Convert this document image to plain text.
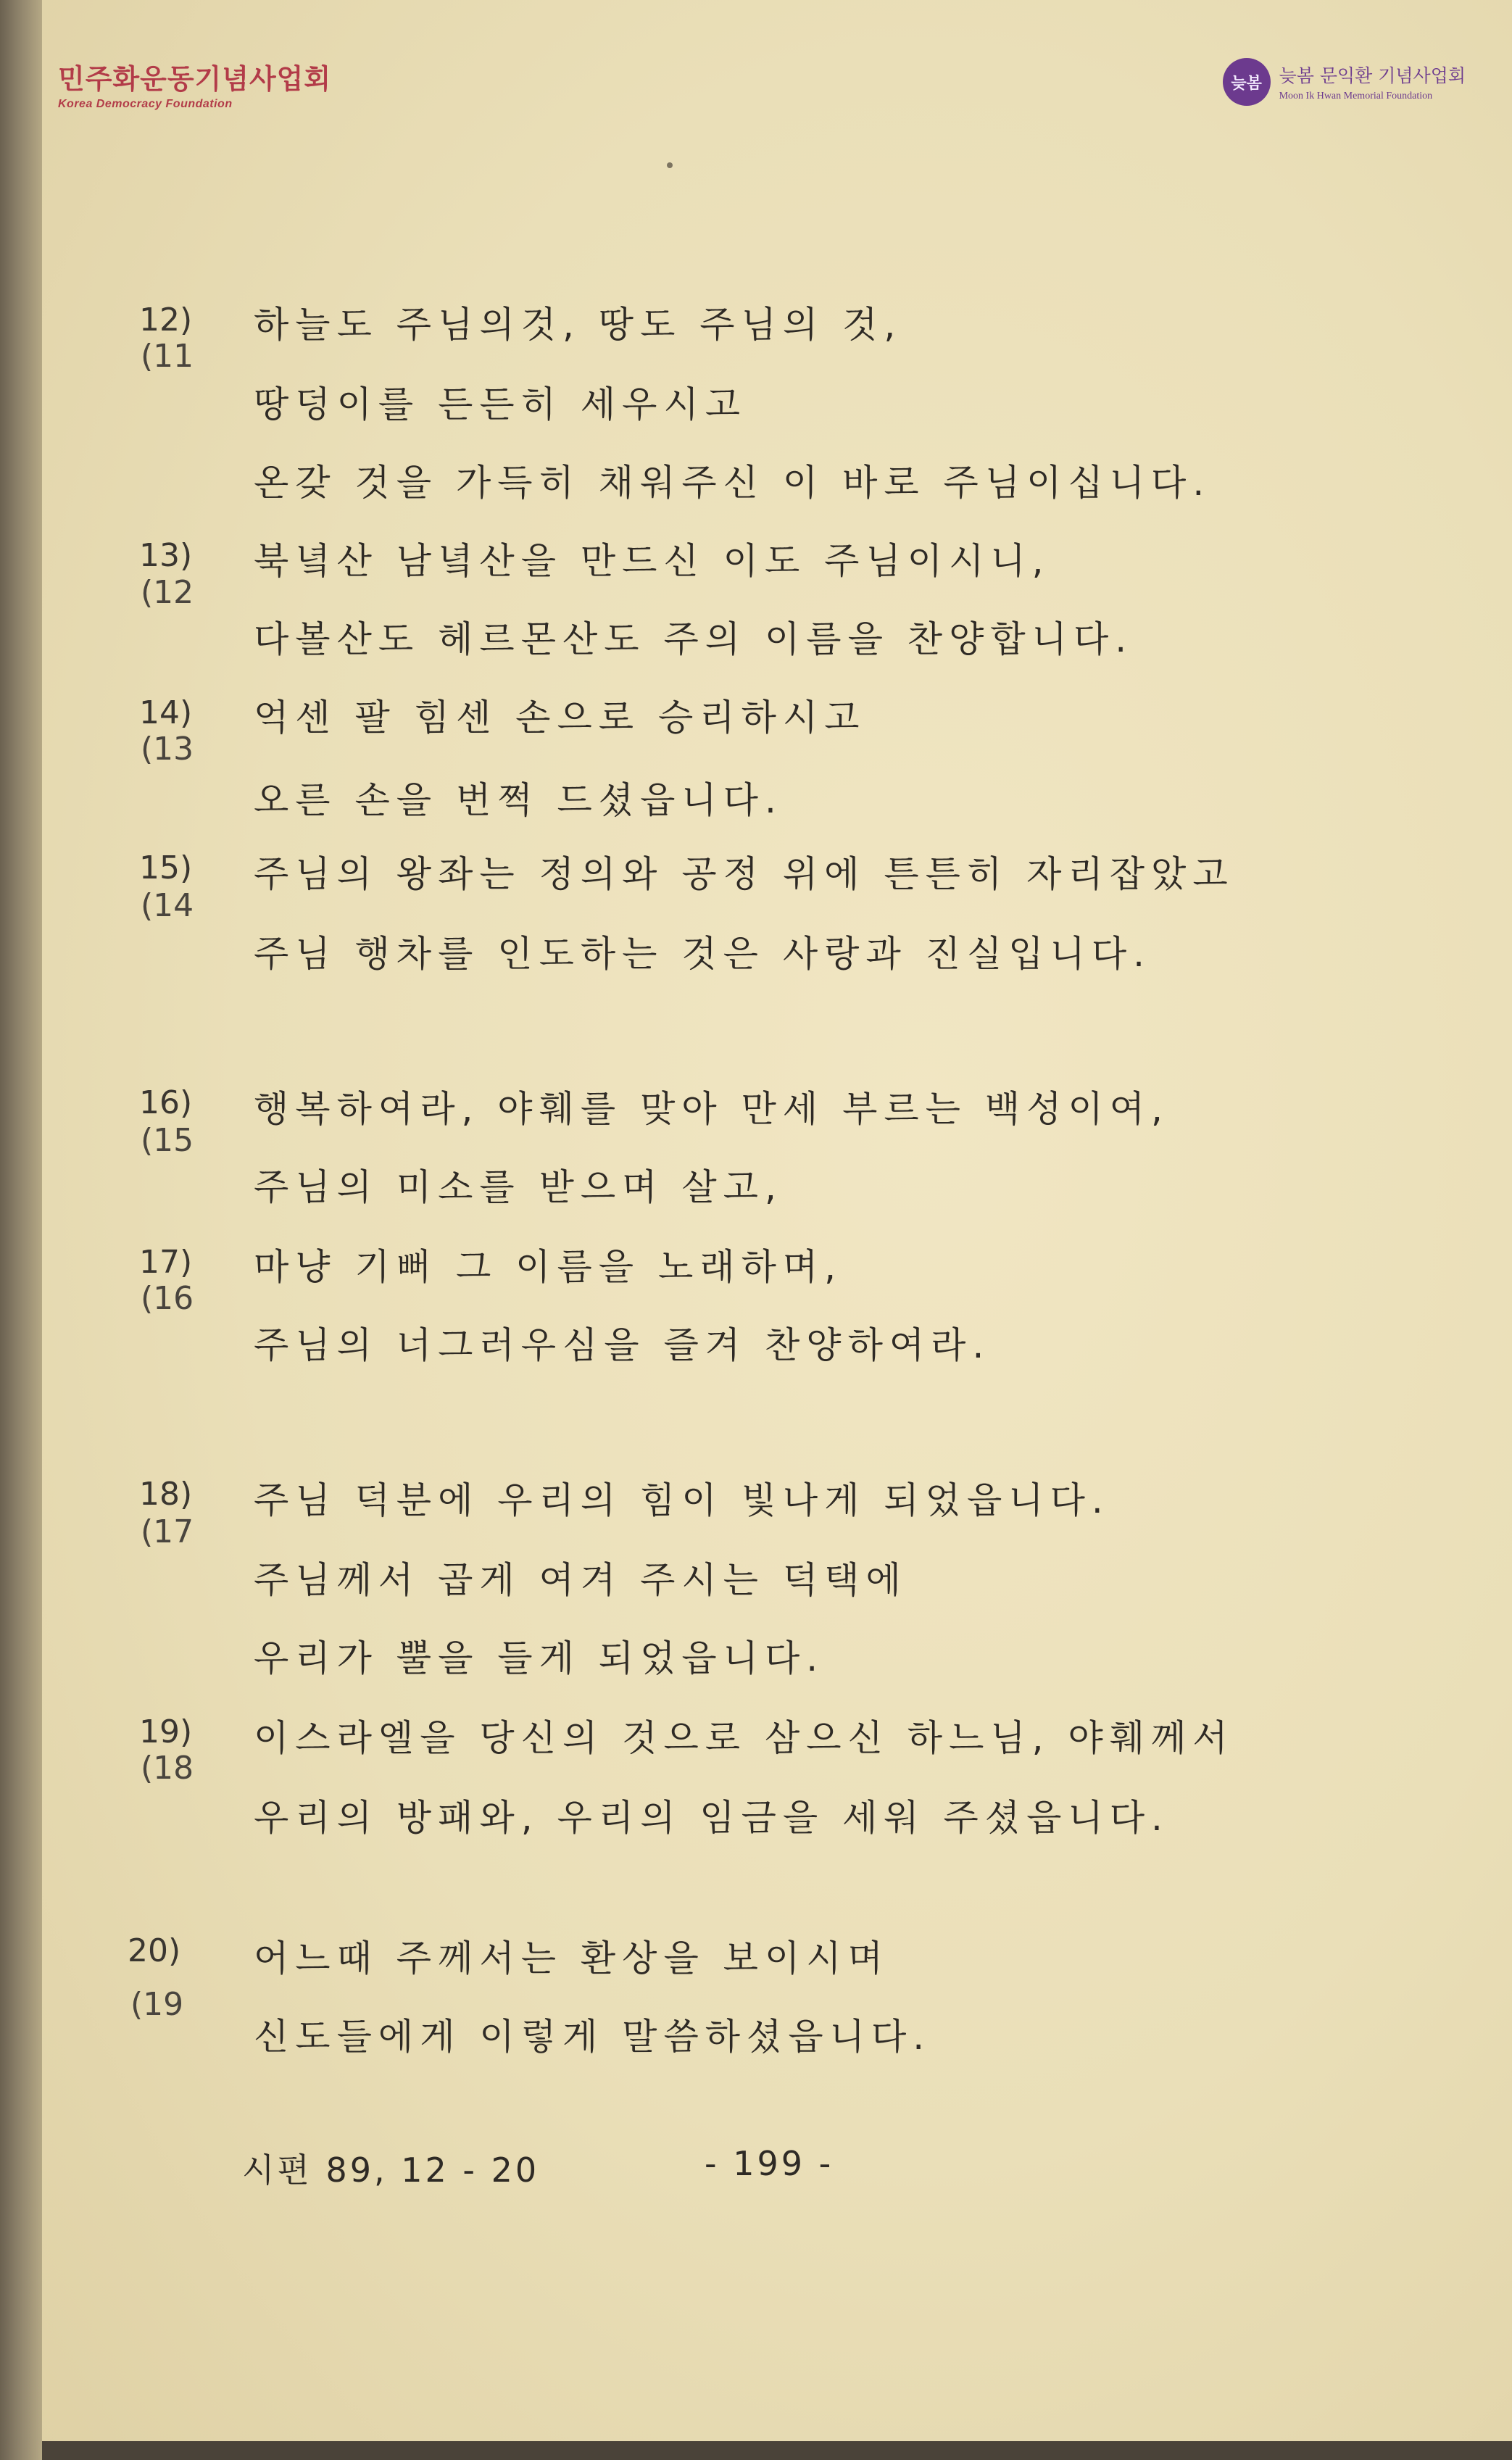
민주화운동기념사업회
Korea Democracy Foundation
늦봄 늦봄 문익환 기념사업회
Moon Ik Hwan Memorial Foundation
12)
(11
하늘도 주님의것, 땅도 주님의 것,
땅덩이를 든든히 세우시고
온갖 것을 가득히 채워주신 이 바로 주님이십니다.
13)
(12
북녘산 남녘산을 만드신 이도 주님이시니,
다볼산도 헤르몬산도 주의 이름을 찬양합니다.
14)
(13
억센 팔 힘센 손으로 승리하시고
오른 손을 번쩍 드셨읍니다.
15)
(14
주님의 왕좌는 정의와 공정 위에 튼튼히 자리잡았고
주님 행차를 인도하는 것은 사랑과 진실입니다.
16)
(15
행복하여라, 야훼를 맞아 만세 부르는 백성이여,
주님의 미소를 받으며 살고,
17)
(16
마냥 기뻐 그 이름을 노래하며,
주님의 너그러우심을 즐겨 찬양하여라.
18)
(17
주님 덕분에 우리의 힘이 빛나게 되었읍니다.
주님께서 곱게 여겨 주시는 덕택에
우리가 뿔을 들게 되었읍니다.
19)
(18
이스라엘을 당신의 것으로 삼으신 하느님, 야훼께서
우리의 방패와, 우리의 임금을 세워 주셨읍니다.
20)
(19
어느때 주께서는 환상을 보이시며
신도들에게 이렇게 말씀하셨읍니다.
시편 89, 12 - 20	- 199 -
